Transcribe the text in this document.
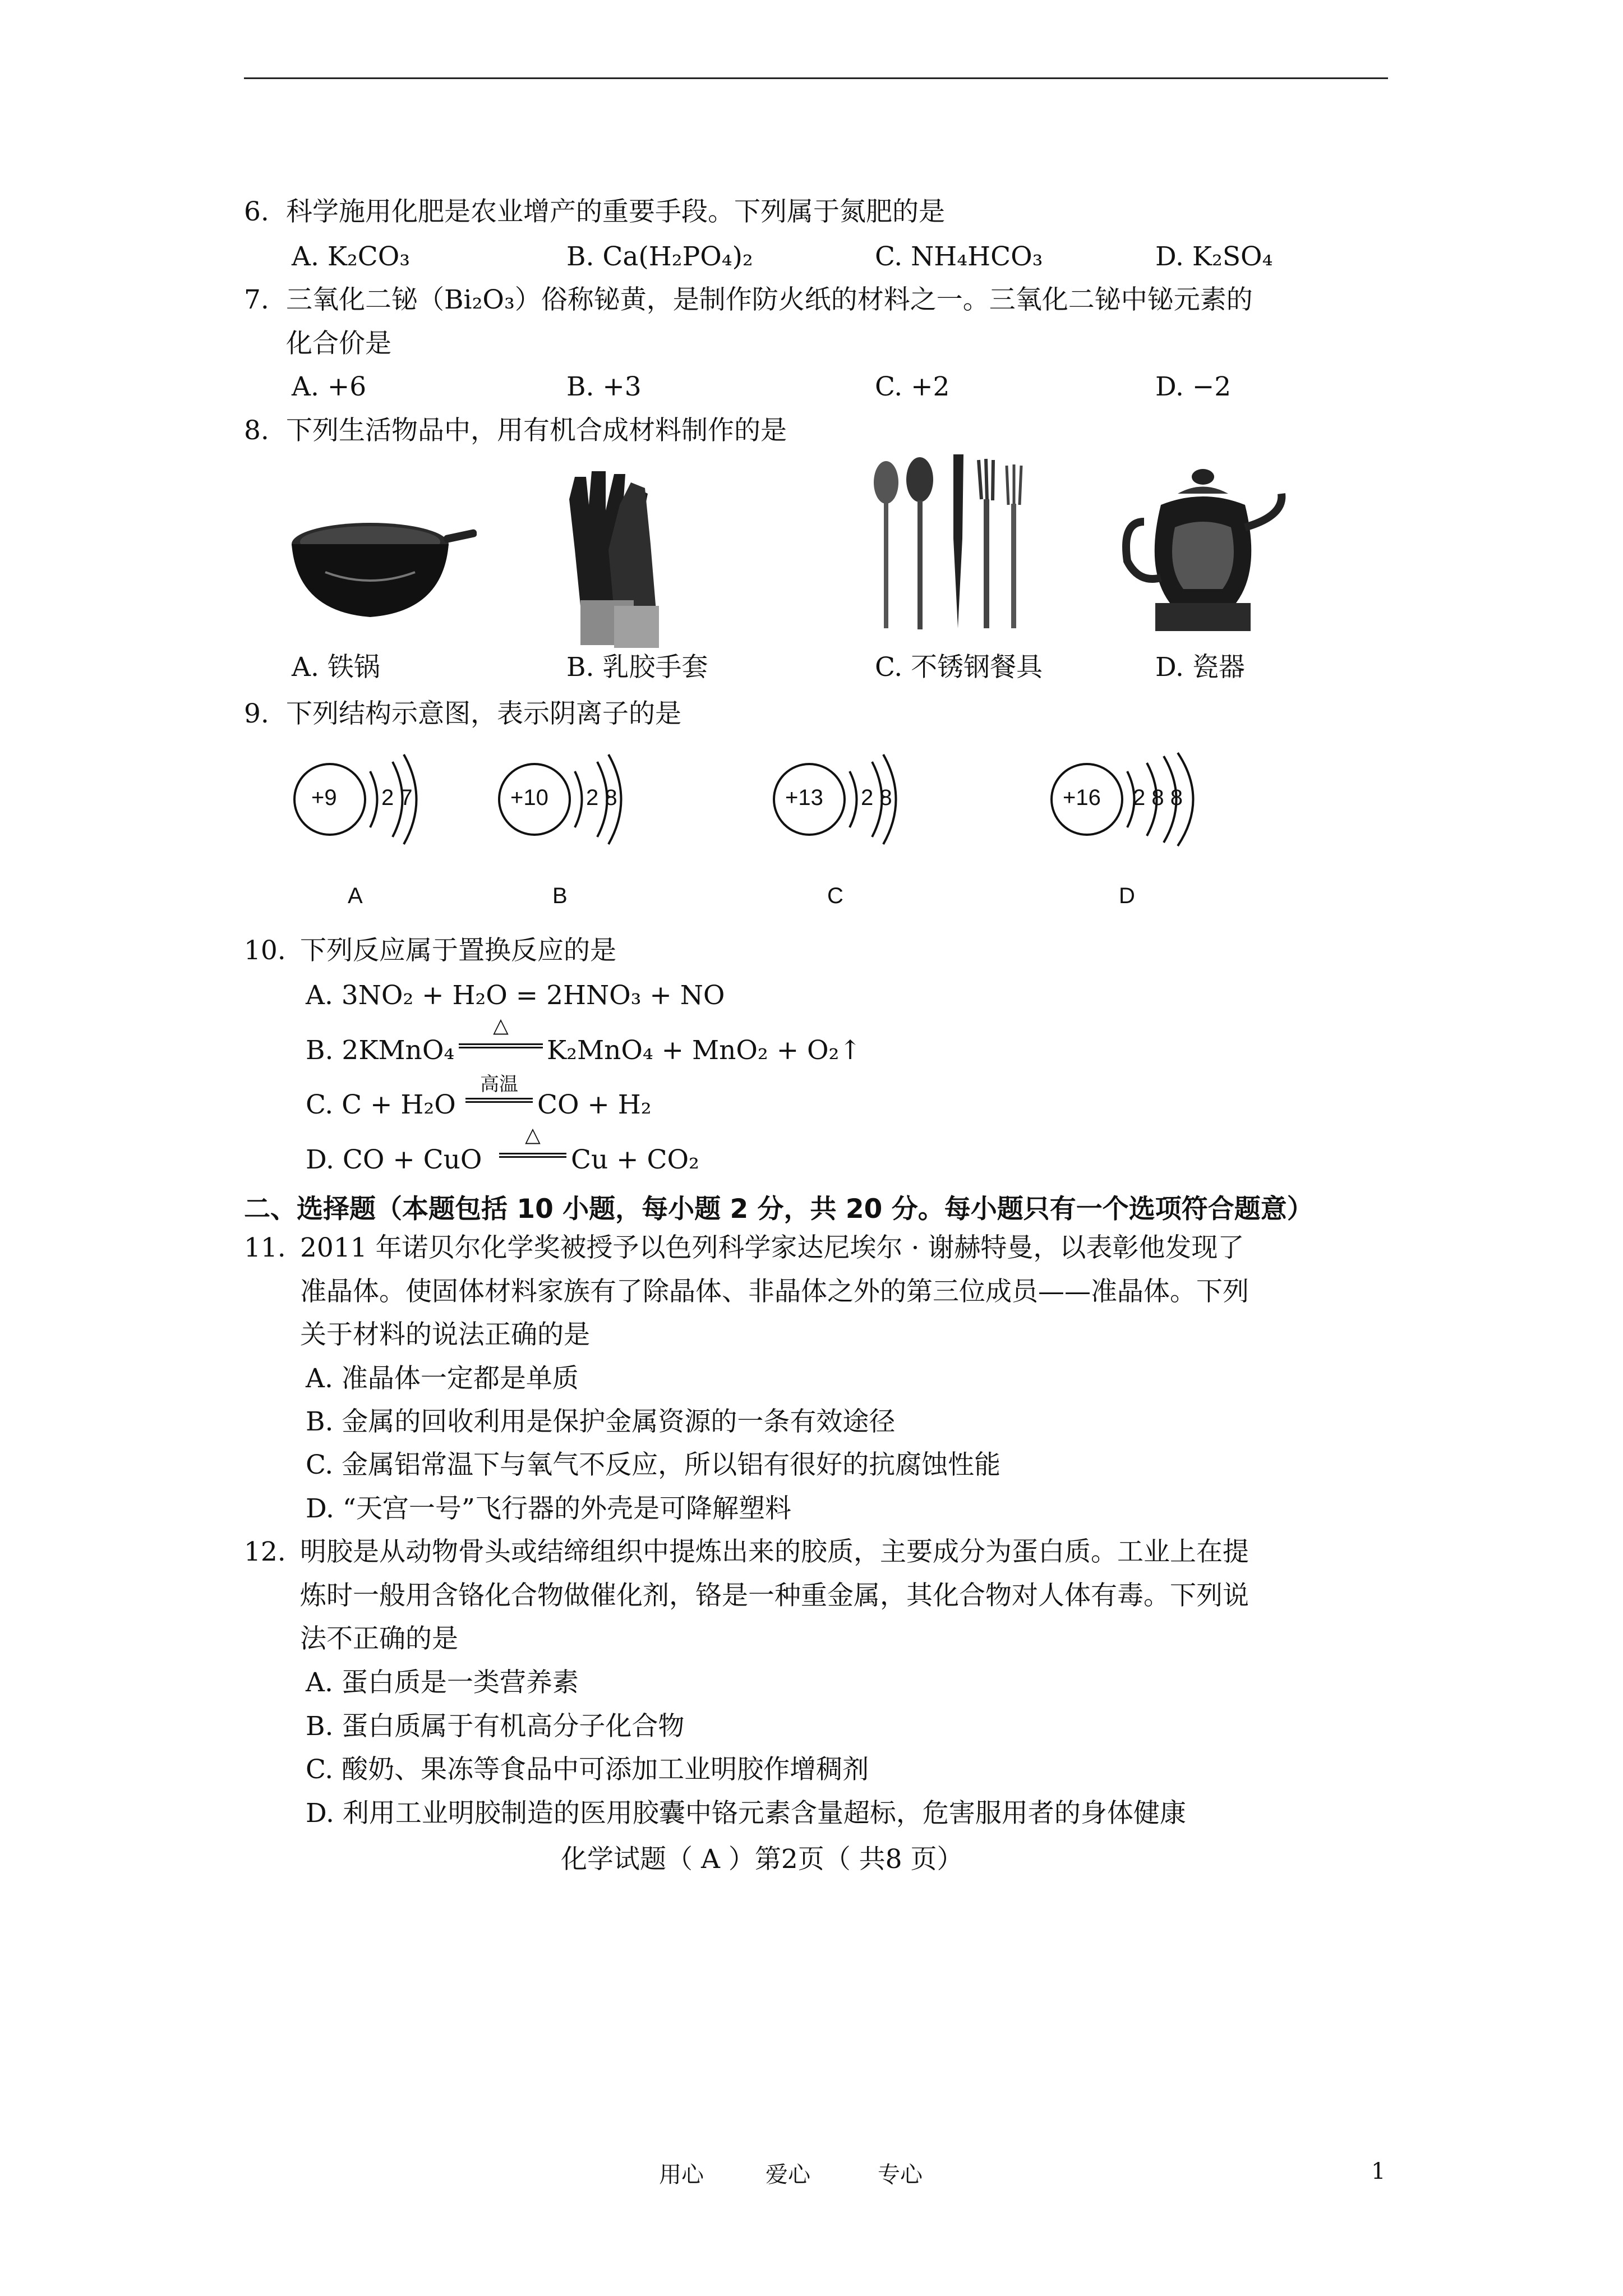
6. 科学施用化肥是农业增产的重要手段。下列属于氮肥的是
A. K₂CO₃	B. Ca(H₂PO₄)₂	C. NH₄HCO₃	D. K₂SO₄
7. 三氧化二铋（Bi₂O₃）俗称铋黄，是制作防火纸的材料之一。三氧化二铋中铋元素的
化合价是
A. +6	B. +3	C. +2	D. −2
8. 下列生活物品中，用有机合成材料制作的是
A. 铁锅	B. 乳胶手套	C. 不锈钢餐具	D. 瓷器
9. 下列结构示意图，表示阴离子的是
+9 2 7
A
+10 2 8
B
+13 2 8
C
+16 2 8 8
D
10. 下列反应属于置换反应的是
A. 3NO₂ + H₂O = 2HNO₃ + NO
B. 2KMnO₄
△
K₂MnO₄ + MnO₂ + O₂↑
C. C + H₂O
高温
CO + H₂
D. CO + CuO
△
Cu + CO₂
二、选择题（本题包括 10 小题，每小题 2 分，共 20 分。每小题只有一个选项符合题意）
11. 2011 年诺贝尔化学奖被授予以色列科学家达尼埃尔 · 谢赫特曼，以表彰他发现了
准晶体。使固体材料家族有了除晶体、非晶体之外的第三位成员——准晶体。下列
关于材料的说法正确的是
A. 准晶体一定都是单质
B. 金属的回收利用是保护金属资源的一条有效途径
C. 金属铝常温下与氧气不反应，所以铝有很好的抗腐蚀性能
D. “天宫一号”飞行器的外壳是可降解塑料
12. 明胶是从动物骨头或结缔组织中提炼出来的胶质，主要成分为蛋白质。工业上在提
炼时一般用含铬化合物做催化剂，铬是一种重金属，其化合物对人体有毒。下列说
法不正确的是
A. 蛋白质是一类营养素
B. 蛋白质属于有机高分子化合物
C. 酸奶、果冻等食品中可添加工业明胶作增稠剂
D. 利用工业明胶制造的医用胶囊中铬元素含量超标，危害服用者的身体健康
化学试题（ A ）第2页（ 共8 页）
用心	爱心	专心	1
